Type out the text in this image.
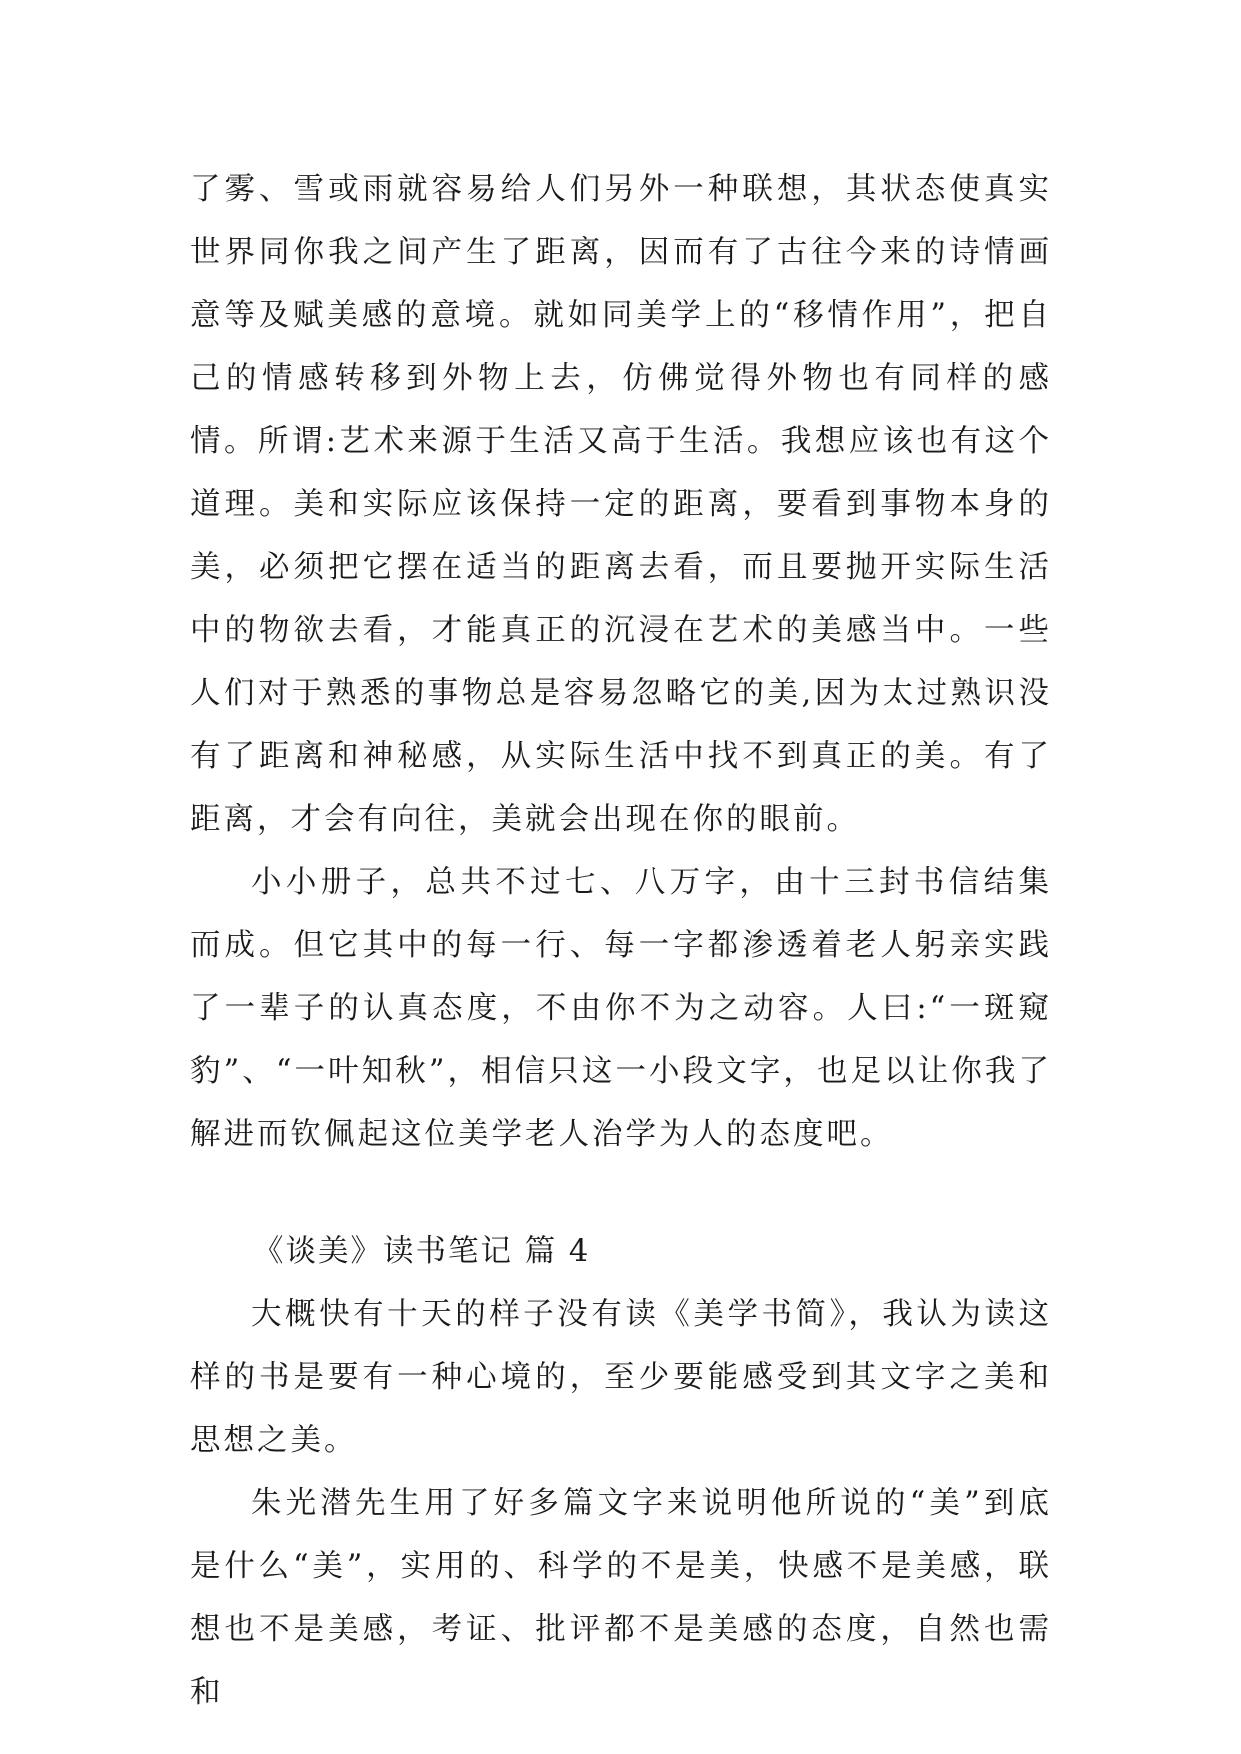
了雾、雪或雨就容易给人们另外一种联想，其状态使真实世界同你我之间产生了距离，因而有了古往今来的诗情画意等及赋美感的意境。就如同美学上的“移情作用”，把自己的情感转移到外物上去，仿佛觉得外物也有同样的感情。所谓:艺术来源于生活又高于生活。我想应该也有这个道理。美和实际应该保持一定的距离，要看到事物本身的美，必须把它摆在适当的距离去看，而且要抛开实际生活中的物欲去看，才能真正的沉浸在艺术的美感当中。一些人们对于熟悉的事物总是容易忽略它的美,因为太过熟识没有了距离和神秘感，从实际生活中找不到真正的美。有了距离，才会有向往，美就会出现在你的眼前。

小小册子，总共不过七、八万字，由十三封书信结集而成。但它其中的每一行、每一字都渗透着老人躬亲实践了一辈子的认真态度，不由你不为之动容。人曰:“一斑窥豹”、“一叶知秋”，相信只这一小段文字，也足以让你我了解进而钦佩起这位美学老人治学为人的态度吧。

《谈美》读书笔记 篇 4

大概快有十天的样子没有读《美学书简》，我认为读这样的书是要有一种心境的，至少要能感受到其文字之美和思想之美。

朱光潜先生用了好多篇文字来说明他所说的“美”到底是什么“美”，实用的、科学的不是美，快感不是美感，联想也不是美感，考证、批评都不是美感的态度，自然也需和
